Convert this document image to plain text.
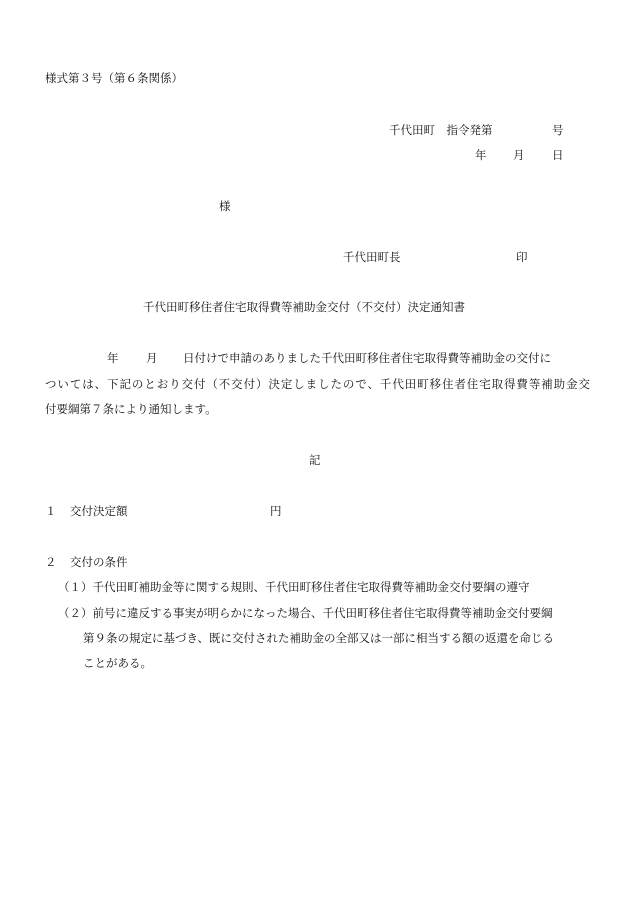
様式第３号（第６条関係）
千代田町　指令発第	号
年 月 日
様
千代田町長	印
千代田町移住者住宅取得費等補助金交付（不交付）決定通知書
年 月 日付けで申請のありました千代田町移住者住宅取得費等補助金の交付に
ついては、下記のとおり交付（不交付）決定しましたので、千代田町移住者住宅取得費等補助金交
付要綱第７条により通知します。
記
１ 交付決定額	円
２ 交付の条件
（１）千代田町補助金等に関する規則、千代田町移住者住宅取得費等補助金交付要綱の遵守
（２）前号に違反する事実が明らかになった場合、千代田町移住者住宅取得費等補助金交付要綱
第９条の規定に基づき、既に交付された補助金の全部又は一部に相当する額の返還を命じる
ことがある。
